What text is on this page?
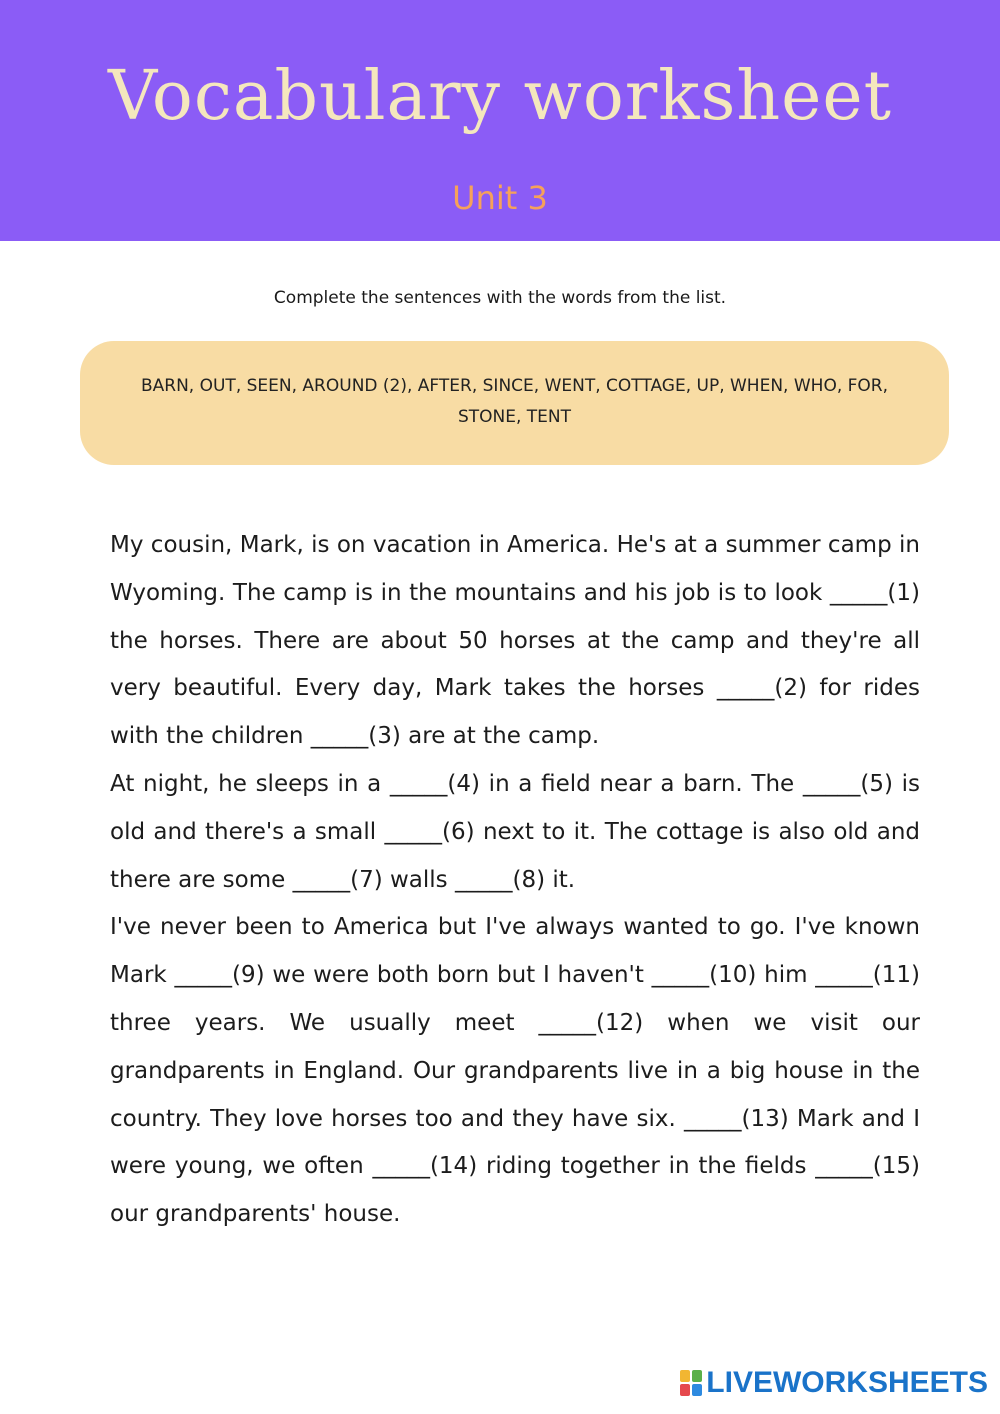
Vocabulary worksheet
Unit 3
Complete the sentences with the words from the list.
BARN, OUT, SEEN, AROUND (2), AFTER, SINCE, WENT, COTTAGE, UP, WHEN, WHO, FOR, STONE, TENT

My cousin, Mark, is on vacation in America. He's at a summer camp in Wyoming. The camp is in the mountains and his job is to look _____(1) the horses. There are about 50 horses at the camp and they're all very beautiful. Every day, Mark takes the horses _____(2) for rides with the children _____(3) are at the camp.

At night, he sleeps in a _____(4) in a field near a barn. The _____(5) is old and there's a small _____(6) next to it. The cottage is also old and there are some _____(7) walls _____(8) it.

I've never been to America but I've always wanted to go. I've known Mark _____(9) we were both born but I haven't _____(10) him _____(11) three years. We usually meet _____(12) when we visit our grandparents in England. Our grandparents live in a big house in the country. They love horses too and they have six. _____(13) Mark and I were young, we often _____(14) riding together in the fields _____(15) our grandparents' house.

LIVEWORKSHEETS
